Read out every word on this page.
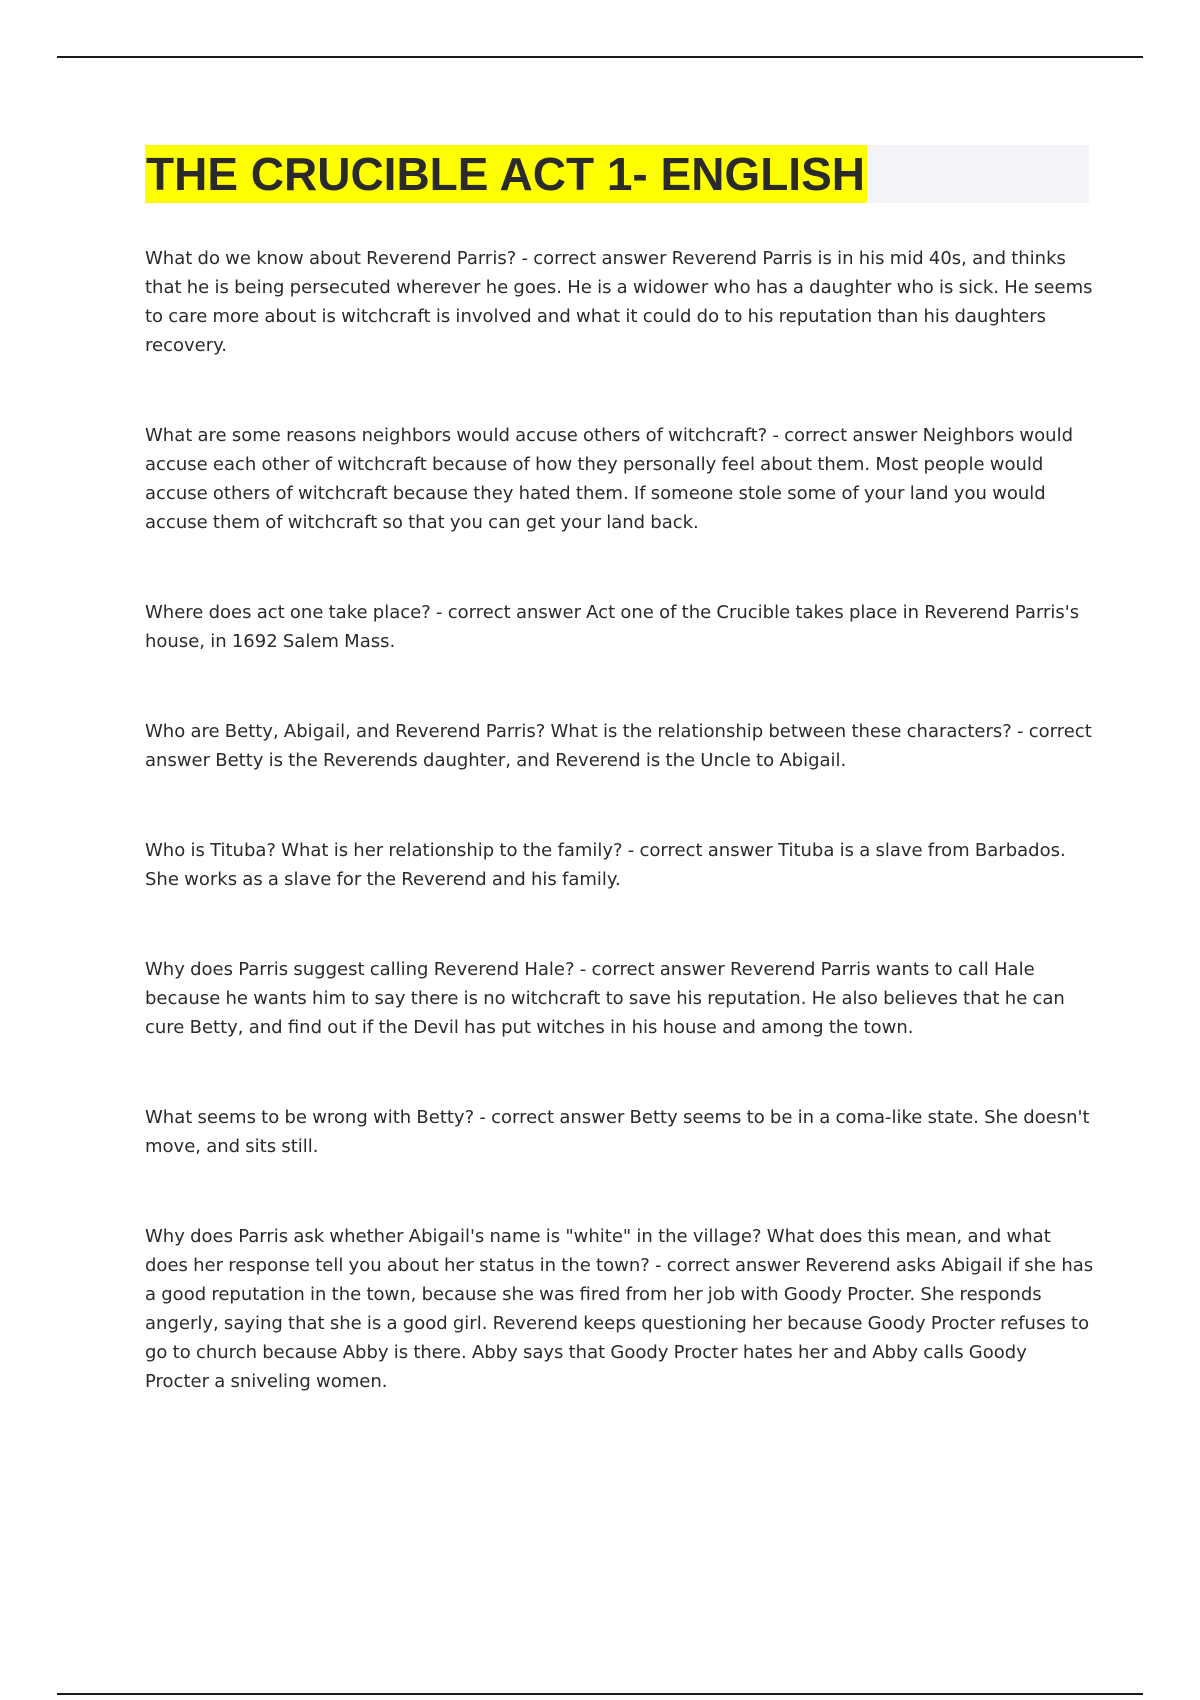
THE CRUCIBLE ACT 1- ENGLISH

What do we know about Reverend Parris? - correct answer Reverend Parris is in his mid 40s, and thinks that he is being persecuted wherever he goes. He is a widower who has a daughter who is sick. He seems to care more about is witchcraft is involved and what it could do to his reputation than his daughters recovery.

What are some reasons neighbors would accuse others of witchcraft? - correct answer Neighbors would accuse each other of witchcraft because of how they personally feel about them. Most people would accuse others of witchcraft because they hated them. If someone stole some of your land you would accuse them of witchcraft so that you can get your land back.

Where does act one take place? - correct answer Act one of the Crucible takes place in Reverend Parris's house, in 1692 Salem Mass.

Who are Betty, Abigail, and Reverend Parris? What is the relationship between these characters? - correct answer Betty is the Reverends daughter, and Reverend is the Uncle to Abigail.

Who is Tituba? What is her relationship to the family? - correct answer Tituba is a slave from Barbados. She works as a slave for the Reverend and his family.

Why does Parris suggest calling Reverend Hale? - correct answer Reverend Parris wants to call Hale because he wants him to say there is no witchcraft to save his reputation. He also believes that he can cure Betty, and find out if the Devil has put witches in his house and among the town.

What seems to be wrong with Betty? - correct answer Betty seems to be in a coma-like state. She doesn't move, and sits still.

Why does Parris ask whether Abigail's name is "white" in the village? What does this mean, and what does her response tell you about her status in the town? - correct answer Reverend asks Abigail if she has a good reputation in the town, because she was fired from her job with Goody Procter. She responds angerly, saying that she is a good girl. Reverend keeps questioning her because Goody Procter refuses to go to church because Abby is there. Abby says that Goody Procter hates her and Abby calls Goody Procter a sniveling women.
